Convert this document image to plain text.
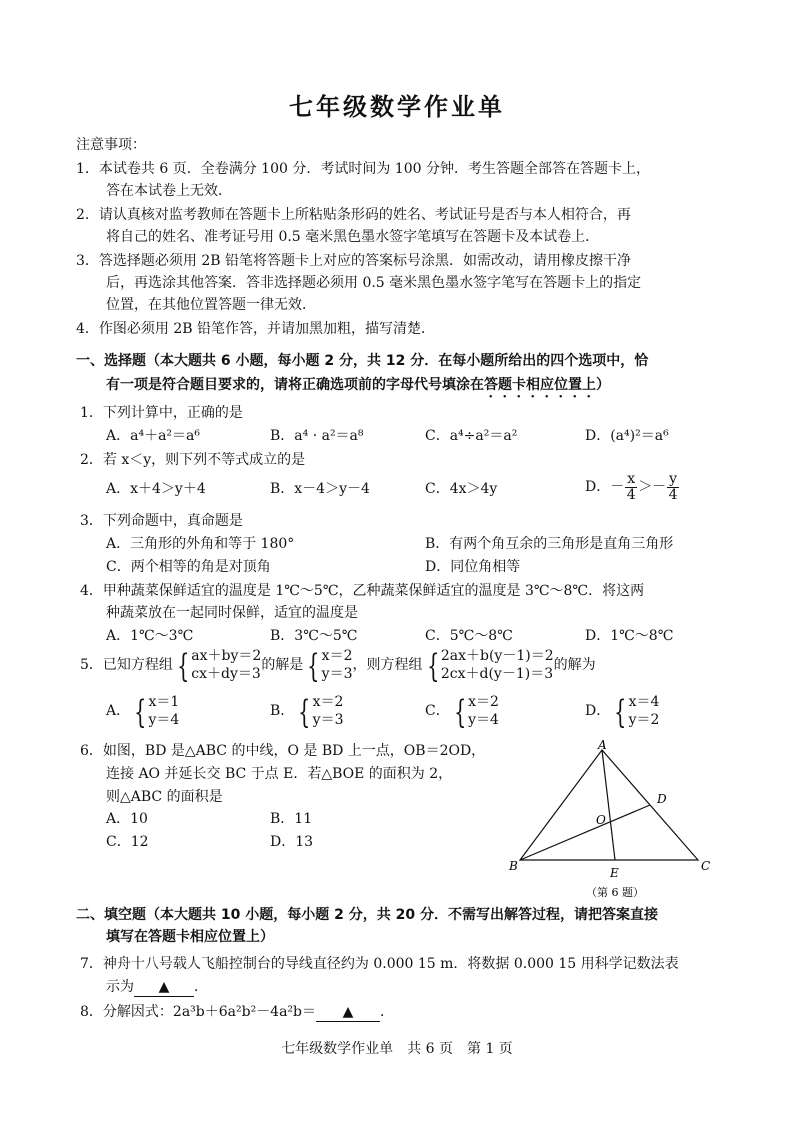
七年级数学作业单
注意事项：
1．本试卷共 6 页．全卷满分 100 分．考试时间为 100 分钟．考生答题全部答在答题卡上，
答在本试卷上无效．
2．请认真核对监考教师在答题卡上所粘贴条形码的姓名、考试证号是否与本人相符合，再
将自己的姓名、准考证号用 0.5 毫米黑色墨水签字笔填写在答题卡及本试卷上．
3．答选择题必须用 2B 铅笔将答题卡上对应的答案标号涂黑．如需改动，请用橡皮擦干净
后，再选涂其他答案．答非选择题必须用 0.5 毫米黑色墨水签字笔写在答题卡上的指定
位置，在其他位置答题一律无效．
4．作图必须用 2B 铅笔作答，并请加黑加粗，描写清楚．
一、选择题（本大题共 6 小题，每小题 2 分，共 12 分．在每小题所给出的四个选项中，恰
有一项是符合题目要求的，请将正确选项前的字母代号填涂在答题卡相应位置上）
1．下列计算中，正确的是
A．a⁴＋a²＝a⁶	B．a⁴ · a²＝a⁸	C．a⁴÷a²＝a²	D．(a⁴)²＝a⁶
2．若 x＜y，则下列不等式成立的是
A．x＋4＞y＋4	B．x－4＞y－4	C．4x＞4y	D．－ $\frac{x}{4} >- \frac{y}{4}$
3．下列命题中，真命题是
A．三角形的外角和等于 180°	B．有两个角互余的三角形是直角三角形
C．两个相等的角是对顶角	D．同位角相等
4．甲种蔬菜保鲜适宜的温度是 1℃～5℃，乙种蔬菜保鲜适宜的温度是 3℃～8℃．将这两
种蔬菜放在一起同时保鲜，适宜的温度是
A．1℃～3℃	B．3℃～5℃	C．5℃～8℃	D．1℃～8℃
5．已知方程组 { ax＋by＝2
cx＋dy＝3
的解是 { x＝2
y＝3
，则方程组 { 2ax＋b(y－1)＝2
2cx＋d(y－1)＝3
的解为
A． { x＝1
y＝4
B． { x＝2
y＝3
C． { x＝2
y＝4
D． { x＝4
y＝2
6．如图，BD 是△ABC 的中线，O 是 BD 上一点，OB＝2OD，
连接 AO 并延长交 BC 于点 E．若△BOE 的面积为 2，
则△ABC 的面积是
A．10	B．11
C．12	D．13
A
B	C
D
E
O
（第 6 题）
二、填空题（本大题共 10 小题，每小题 2 分，共 20 分．不需写出解答过程，请把答案直接
填写在答题卡相应位置上）
7．神舟十八号载人飞船控制台的导线直径约为 0.000 15 m．将数据 0.000 15 用科学记数法表
示为 ▲ ．
8．分解因式：2a³b＋6a²b²－4a²b＝ ▲ ．
七年级数学作业单　共 6 页　第 1 页
